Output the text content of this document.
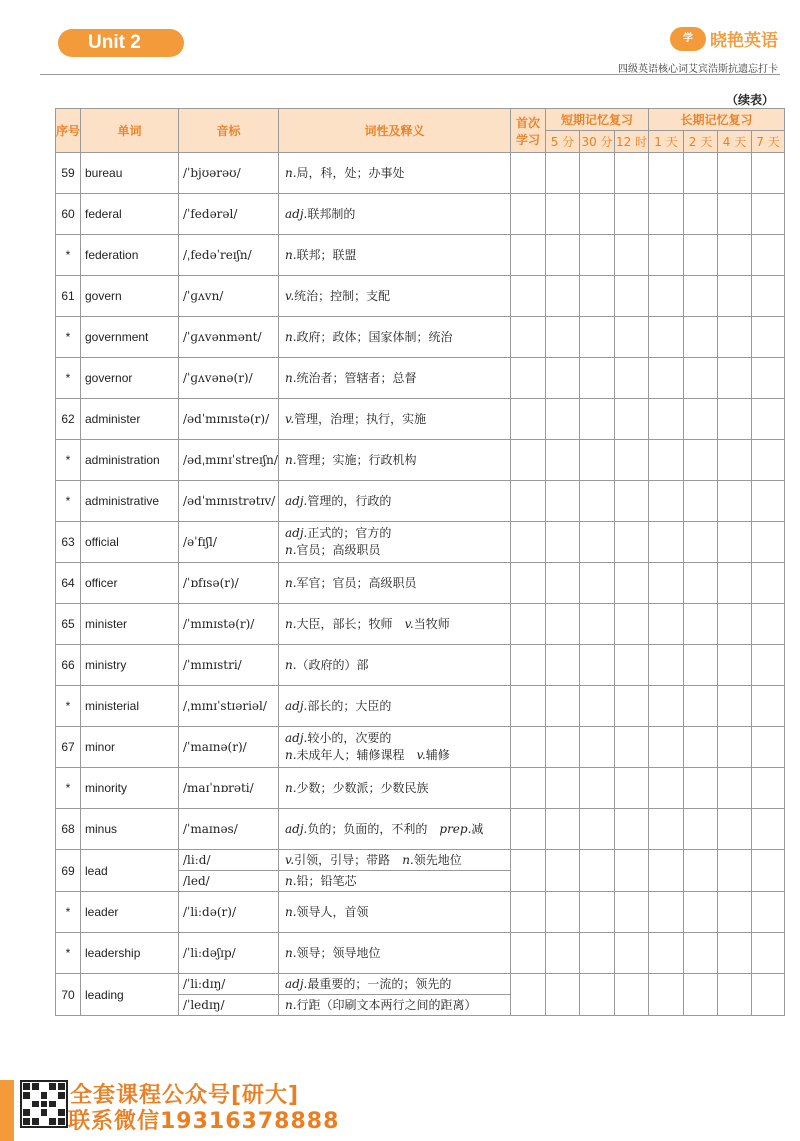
Unit 2	学	晓艳英语
四级英语核心词艾宾浩斯抗遗忘打卡
（续表）
序号	单词	音标	词性及释义	首次学习	短期记忆复习			长期记忆复习			
					5 分	30 分	12 时	1 天	2 天	4 天	7 天
59	bureau	/ˈbjʊərəʊ/	n.局，科，处；办事处								

60	federal	/ˈfedərəl/	adj.联邦制的								

*	federation	/ˌfedəˈreɪʃn/	n.联邦；联盟								

61	govern	/ˈɡʌvn/	v.统治；控制；支配								

*	government	/ˈɡʌvənmənt/	n.政府；政体；国家体制；统治								

*	governor	/ˈɡʌvənə(r)/	n.统治者；管辖者；总督								

62	administer	/ədˈmɪnɪstə(r)/	v.管理，治理；执行，实施								

*	administration	/ədˌmɪnɪˈstreɪʃn/	n.管理；实施；行政机构								

*	administrative	/ədˈmɪnɪstrətɪv/	adj.管理的，行政的								

63	official	/əˈfɪʃl/	adj.正式的；官方的
n.官员；高级职员								

64	officer	/ˈɒfɪsə(r)/	n.军官；官员；高级职员								

65	minister	/ˈmɪnɪstə(r)/	n.大臣，部长；牧师 v.当牧师								

66	ministry	/ˈmɪnɪstri/	n.（政府的）部								

*	ministerial	/ˌmɪnɪˈstɪəriəl/	adj.部长的；大臣的								

67	minor	/ˈmaɪnə(r)/	adj.较小的，次要的
n.未成年人；辅修课程 v.辅修								

*	minority	/maɪˈnɒrəti/	n.少数；少数派；少数民族								

68	minus	/ˈmaɪnəs/	adj.负的；负面的，不利的 prep.减								

69	lead	/liːd/	v.引领，引导；带路 n.领先地位								

		/led/	n.铅；铅笔芯								

*	leader	/ˈliːdə(r)/	n.领导人，首领								

*	leadership	/ˈliːdəʃɪp/	n.领导；领导地位								

70	leading	/ˈliːdɪŋ/	adj.最重要的；一流的；领先的								

		/ˈledɪŋ/	n.行距（印刷文本两行之间的距离）								
全套课程公众号[研大]
联系微信19316378888
